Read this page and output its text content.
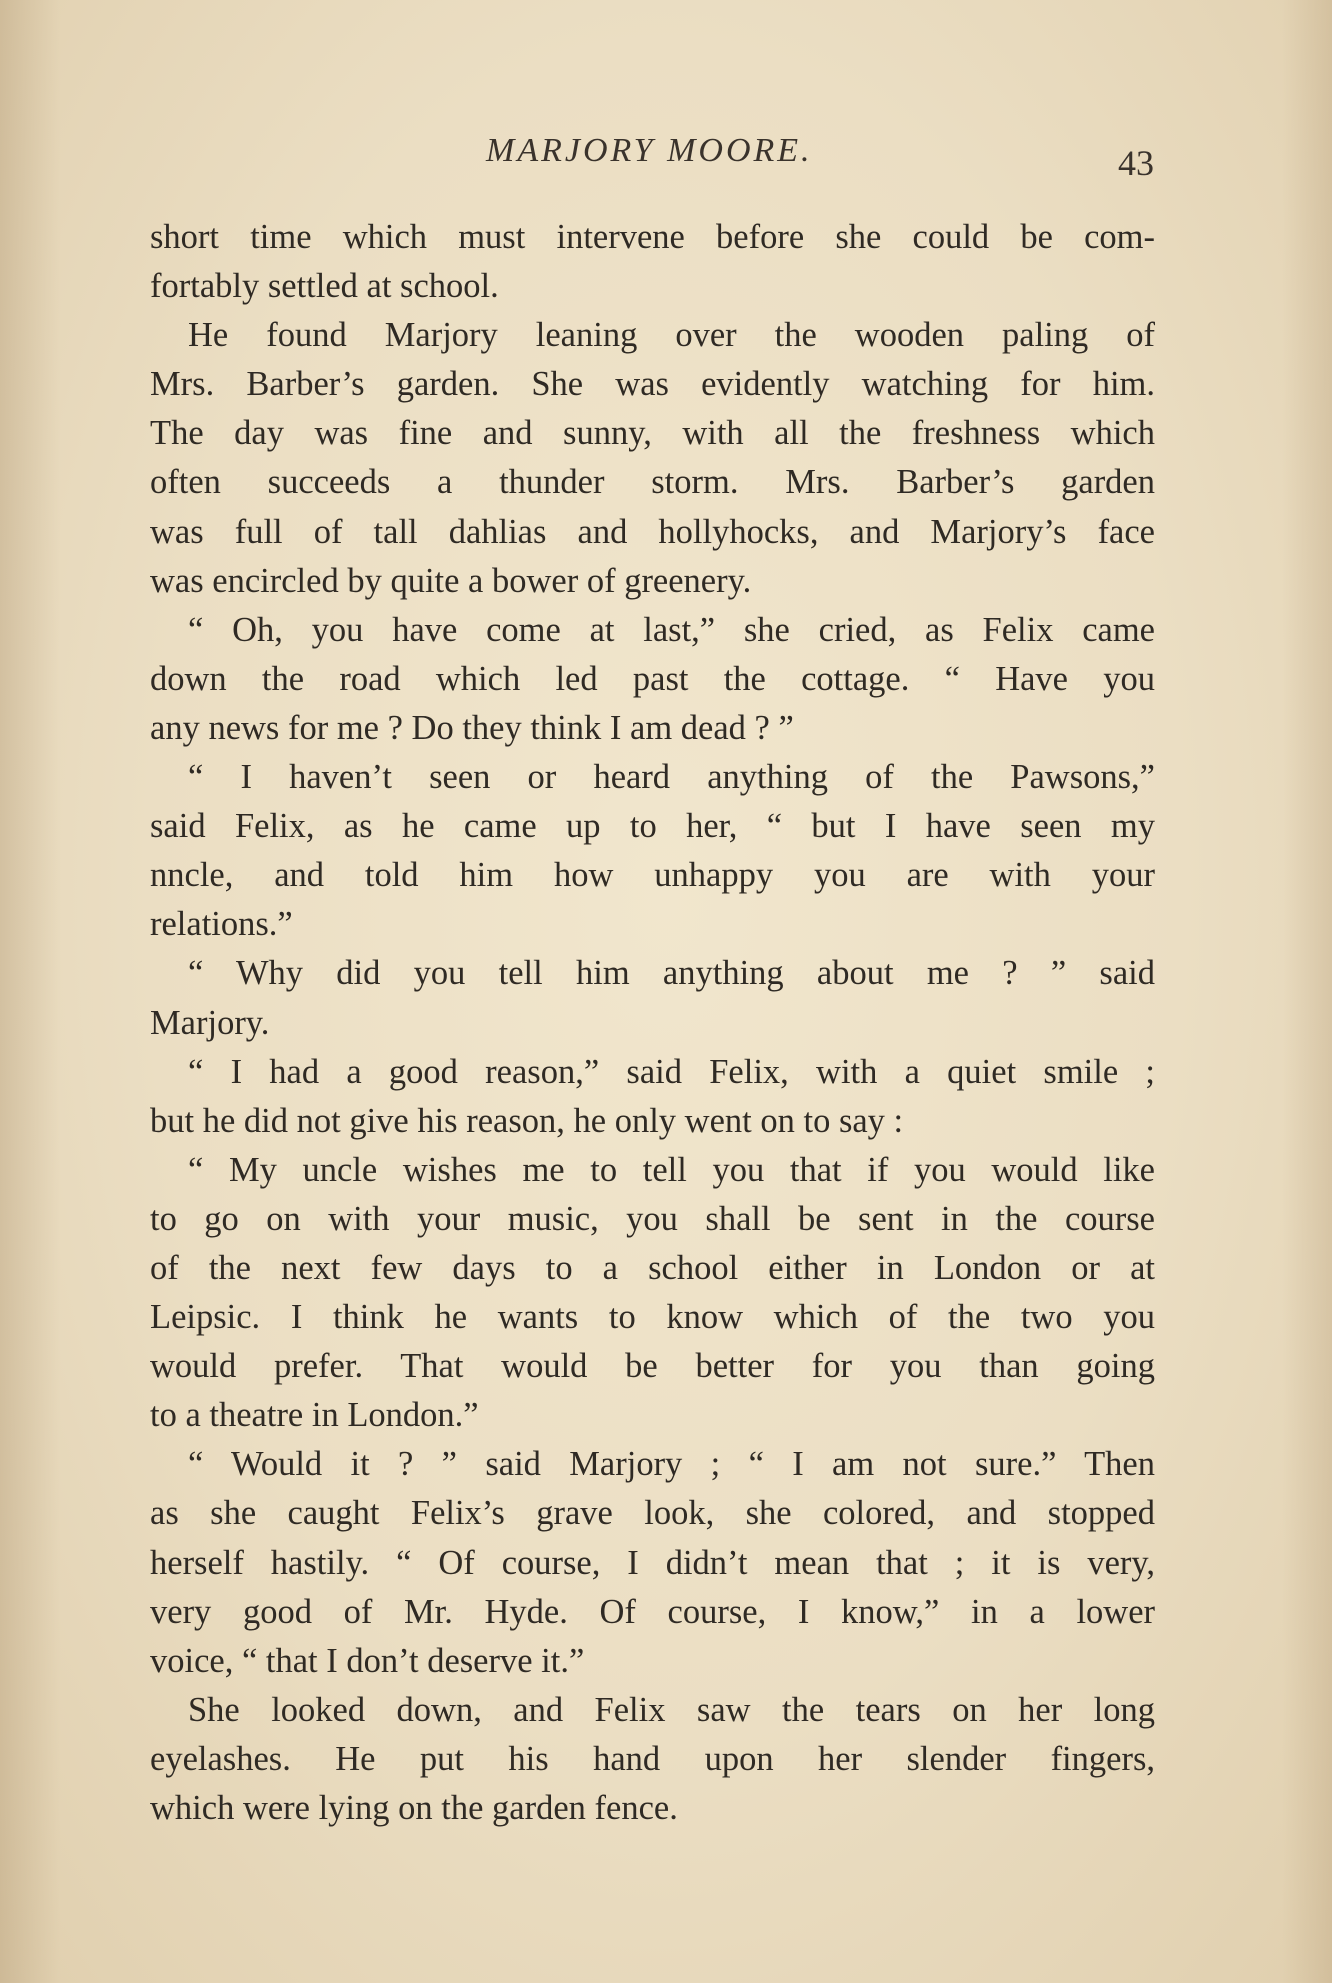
MARJORY MOORE.	43
short time which must intervene before she could be com-
fortably settled at school.
He found Marjory leaning over the wooden paling of
Mrs. Barber’s garden. She was evidently watching for him.
The day was fine and sunny, with all the freshness which
often succeeds a thunder storm. Mrs. Barber’s garden
was full of tall dahlias and hollyhocks, and Marjory’s face
was encircled by quite a bower of greenery.
“ Oh, you have come at last,” she cried, as Felix came
down the road which led past the cottage. “ Have you
any news for me ? Do they think I am dead ? ”
“ I haven’t seen or heard anything of the Pawsons,”
said Felix, as he came up to her, “ but I have seen my
nncle, and told him how unhappy you are with your
relations.”
“ Why did you tell him anything about me ? ” said
Marjory.
“ I had a good reason,” said Felix, with a quiet smile ;
but he did not give his reason, he only went on to say :
“ My uncle wishes me to tell you that if you would like
to go on with your music, you shall be sent in the course
of the next few days to a school either in London or at
Leipsic. I think he wants to know which of the two you
would prefer. That would be better for you than going
to a theatre in London.”
“ Would it ? ” said Marjory ; “ I am not sure.” Then
as she caught Felix’s grave look, she colored, and stopped
herself hastily. “ Of course, I didn’t mean that ; it is very,
very good of Mr. Hyde. Of course, I know,” in a lower
voice, “ that I don’t deserve it.”
She looked down, and Felix saw the tears on her long
eyelashes. He put his hand upon her slender fingers,
which were lying on the garden fence.
